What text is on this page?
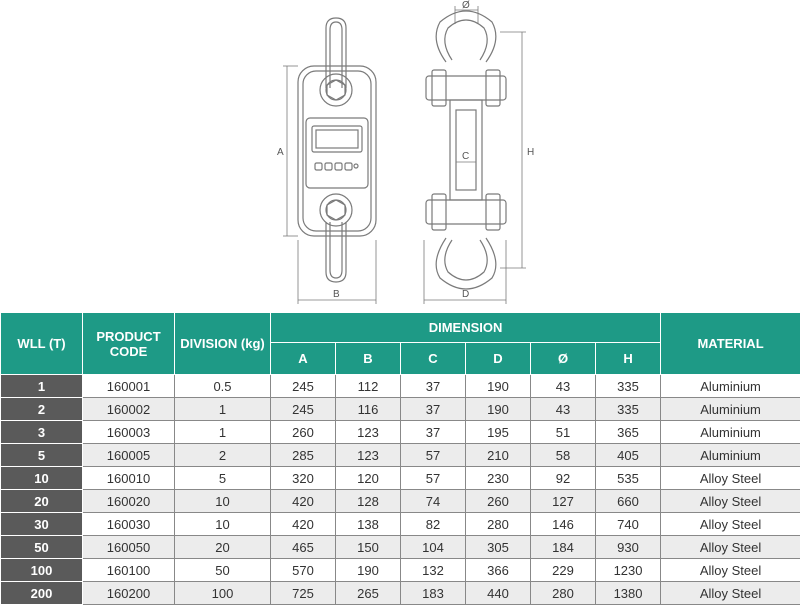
A
B
C
D
Ø
H
WLL (T)	PRODUCT CODE	DIVISION (kg)	DIMENSION						MATERIAL
			A	B	C	D	Ø	H	
1	160001	0.5	245	112	37	190	43	335	Aluminium
2	160002	1	245	116	37	190	43	335	Aluminium
3	160003	1	260	123	37	195	51	365	Aluminium
5	160005	2	285	123	57	210	58	405	Aluminium
10	160010	5	320	120	57	230	92	535	Alloy Steel
20	160020	10	420	128	74	260	127	660	Alloy Steel
30	160030	10	420	138	82	280	146	740	Alloy Steel
50	160050	20	465	150	104	305	184	930	Alloy Steel
100	160100	50	570	190	132	366	229	1230	Alloy Steel
200	160200	100	725	265	183	440	280	1380	Alloy Steel
